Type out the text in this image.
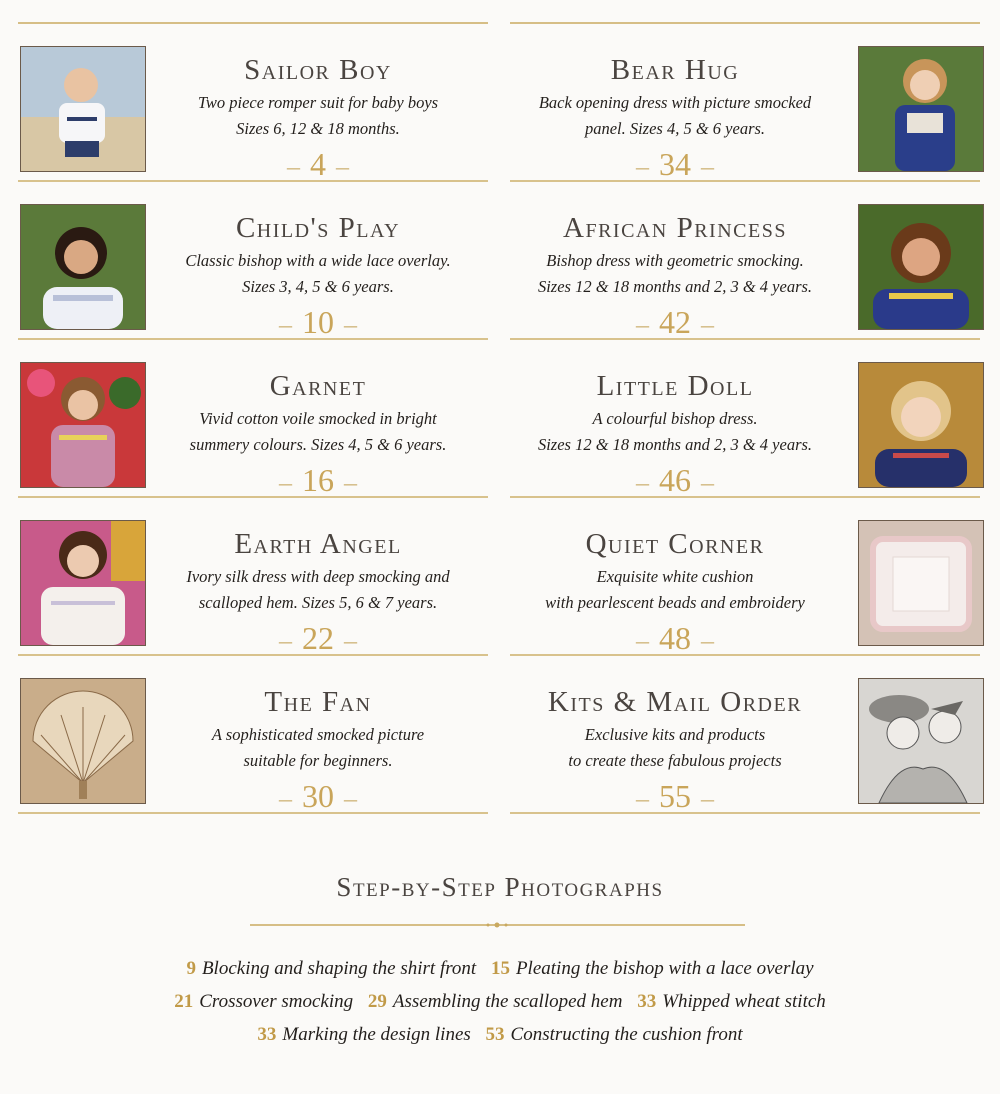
Sailor Boy
Two piece romper suit for baby boys
Sizes 6, 12 & 18 months.
– 4 –
Child's Play
Classic bishop with a wide lace overlay.
Sizes 3, 4, 5 & 6 years.
– 10 –
Garnet
Vivid cotton voile smocked in bright
summery colours. Sizes 4, 5 & 6 years.
– 16 –
Earth Angel
Ivory silk dress with deep smocking and
scalloped hem. Sizes 5, 6 & 7 years.
– 22 –
The Fan
A sophisticated smocked picture
suitable for beginners.
– 30 –
Bear Hug
Back opening dress with picture smocked
panel. Sizes 4, 5 & 6 years.
– 34 –
African Princess
Bishop dress with geometric smocking.
Sizes 12 & 18 months and 2, 3 & 4 years.
– 42 –
Little Doll
A colourful bishop dress.
Sizes 12 & 18 months and 2, 3 & 4 years.
– 46 –
Quiet Corner
Exquisite white cushion
with pearlescent beads and embroidery
– 48 –
Kits & Mail Order
Exclusive kits and products
to create these fabulous projects
– 55 –
Step-by-Step Photographs
9 Blocking and shaping the shirt front 15 Pleating the bishop with a lace overlay
21 Crossover smocking 29 Assembling the scalloped hem 33 Whipped wheat stitch
33 Marking the design lines 53 Constructing the cushion front
